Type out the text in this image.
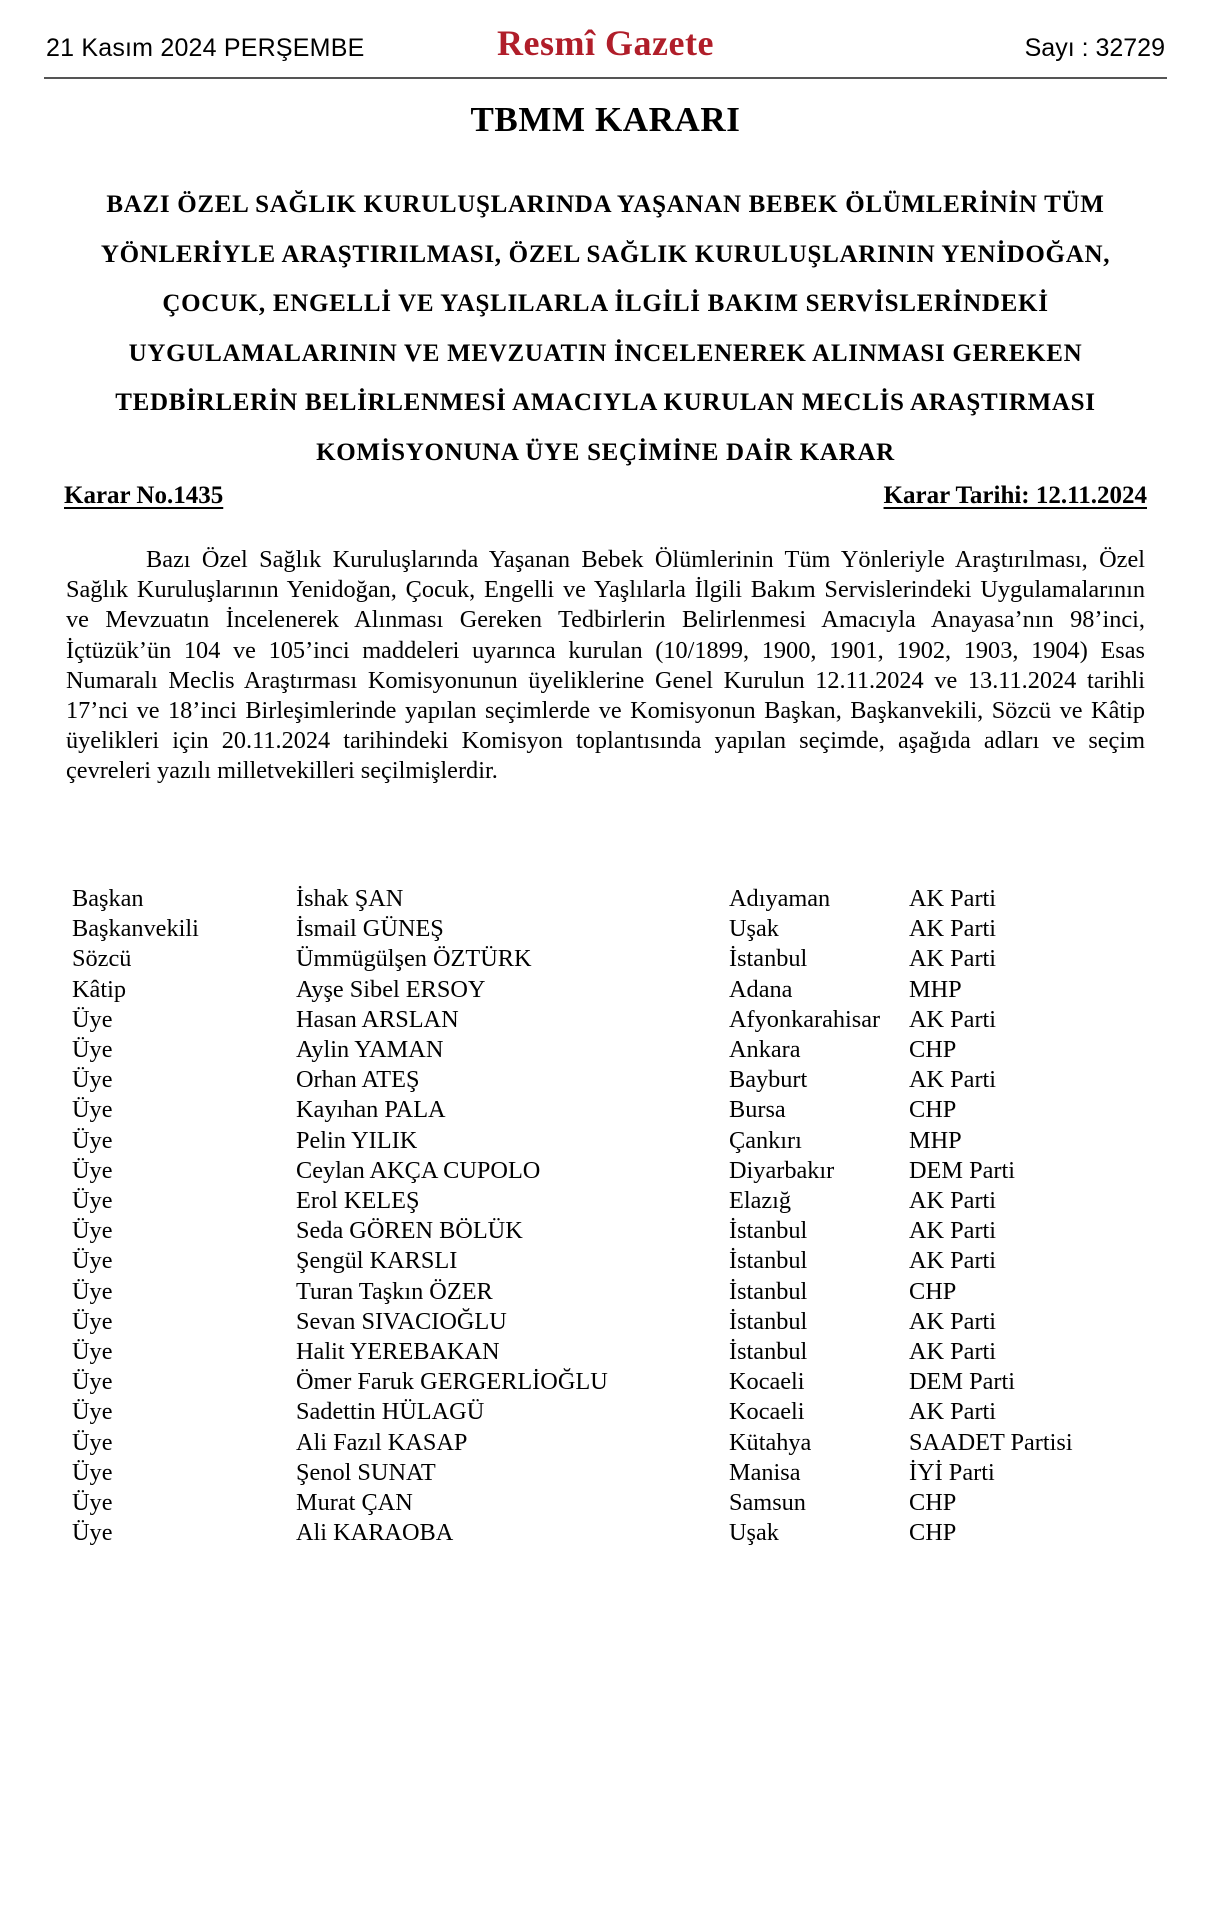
21 Kasım 2024 PERŞEMBE	Resmî Gazete	Sayı : 32729
TBMM KARARI
BAZI ÖZEL SAĞLIK KURULUŞLARINDA YAŞANAN BEBEK ÖLÜMLERİNİN TÜM YÖNLERİYLE ARAŞTIRILMASI, ÖZEL SAĞLIK KURULUŞLARININ YENİDOĞAN, ÇOCUK, ENGELLİ VE YAŞLILARLA İLGİLİ BAKIM SERVİSLERİNDEKİ UYGULAMALARININ VE MEVZUATIN İNCELENEREK ALINMASI GEREKEN TEDBİRLERİN BELİRLENMESİ AMACIYLA KURULAN MECLİS ARAŞTIRMASI KOMİSYONUNA ÜYE SEÇİMİNE DAİR KARAR
Karar No.1435	Karar Tarihi: 12.11.2024
Bazı Özel Sağlık Kuruluşlarında Yaşanan Bebek Ölümlerinin Tüm Yönleriyle Araştırılması, Özel Sağlık Kuruluşlarının Yenidoğan, Çocuk, Engelli ve Yaşlılarla İlgili Bakım Servislerindeki Uygulamalarının ve Mevzuatın İncelenerek Alınması Gereken Tedbirlerin Belirlenmesi Amacıyla Anayasa’nın 98’inci, İçtüzük’ün 104 ve 105’inci maddeleri uyarınca kurulan (10/1899, 1900, 1901, 1902, 1903, 1904) Esas Numaralı Meclis Araştırması Komisyonunun üyeliklerine Genel Kurulun 12.11.2024 ve 13.11.2024 tarihli 17’nci ve 18’inci Birleşimlerinde yapılan seçimlerde ve Komisyonun Başkan, Başkanvekili, Sözcü ve Kâtip üyelikleri için 20.11.2024 tarihindeki Komisyon toplantısında yapılan seçimde, aşağıda adları ve seçim çevreleri yazılı milletvekilleri seçilmişlerdir.
Başkan	İshak ŞAN	Adıyaman	AK Parti
Başkanvekili	İsmail GÜNEŞ	Uşak	AK Parti
Sözcü	Ümmügülşen ÖZTÜRK	İstanbul	AK Parti
Kâtip	Ayşe Sibel ERSOY	Adana	MHP
Üye	Hasan ARSLAN	Afyonkarahisar	AK Parti
Üye	Aylin YAMAN	Ankara	CHP
Üye	Orhan ATEŞ	Bayburt	AK Parti
Üye	Kayıhan PALA	Bursa	CHP
Üye	Pelin YILIK	Çankırı	MHP
Üye	Ceylan AKÇA CUPOLO	Diyarbakır	DEM Parti
Üye	Erol KELEŞ	Elazığ	AK Parti
Üye	Seda GÖREN BÖLÜK	İstanbul	AK Parti
Üye	Şengül KARSLI	İstanbul	AK Parti
Üye	Turan Taşkın ÖZER	İstanbul	CHP
Üye	Sevan SIVACIOĞLU	İstanbul	AK Parti
Üye	Halit YEREBAKAN	İstanbul	AK Parti
Üye	Ömer Faruk GERGERLİOĞLU	Kocaeli	DEM Parti
Üye	Sadettin HÜLAGÜ	Kocaeli	AK Parti
Üye	Ali Fazıl KASAP	Kütahya	SAADET Partisi
Üye	Şenol SUNAT	Manisa	İYİ Parti
Üye	Murat ÇAN	Samsun	CHP
Üye	Ali KARAOBA	Uşak	CHP
